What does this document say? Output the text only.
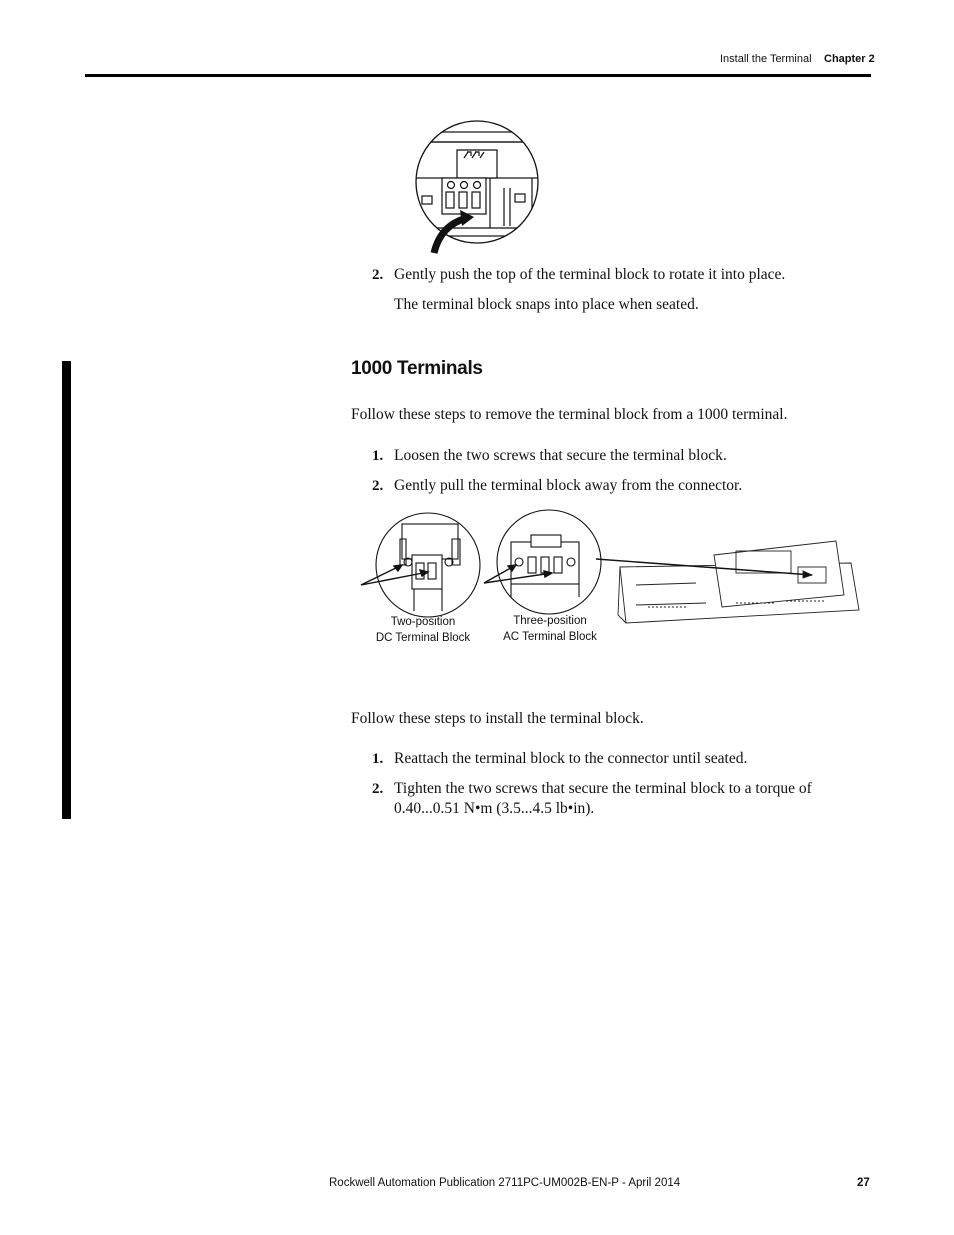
Install the Terminal Chapter 2
2. Gently push the top of the terminal block to rotate it into place.
The terminal block snaps into place when seated.
1000 Terminals
Follow these steps to remove the terminal block from a 1000 terminal.
1. Loosen the two screws that secure the terminal block.
2. Gently pull the terminal block away from the connector.
Two-position
DC Terminal Block
Three-position
AC Terminal Block
Follow these steps to install the terminal block.
1. Reattach the terminal block to the connector until seated.
2. Tighten the two screws that secure the terminal block to a torque of
0.40...0.51 N•m (3.5...4.5 lb•in).
Rockwell Automation Publication 2711PC-UM002B-EN-P - April 2014	27
